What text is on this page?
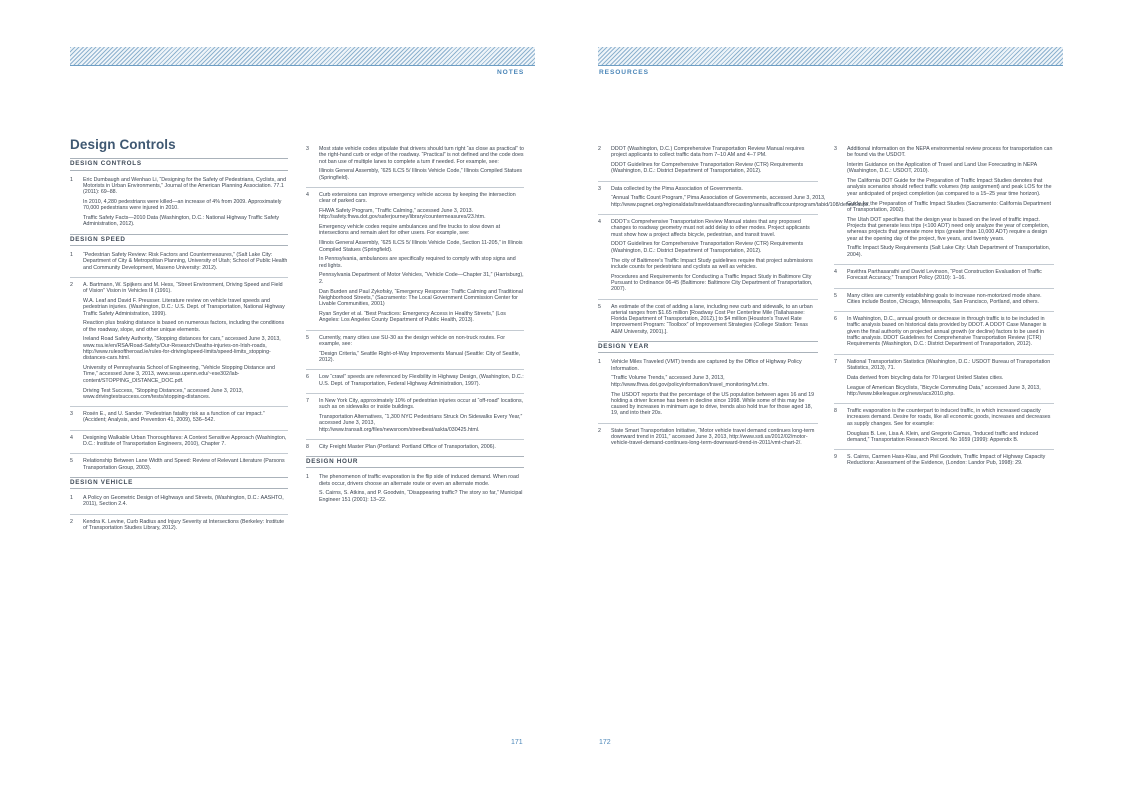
NOTES	RESOURCES
Design Controls
DESIGN CONTROLS
1	Eric Dumbaugh and Wenhao Li, “Designing for the Safety of Pedestrians, Cyclists, and Motorists in Urban Environments,” Journal of the American Planning Association. 77.1 (2011): 69–88.

In 2010, 4,280 pedestrians were killed—an increase of 4% from 2009. Approximately 70,000 pedestrians were injured in 2010.

Traffic Safety Facts—2010 Data (Washington, D.C.: National Highway Traffic Safety Administration, 2012).

DESIGN SPEED
1	“Pedestrian Safety Review: Risk Factors and Countermeasures,” (Salt Lake City: Department of City & Metropolitan Planning, University of Utah; School of Public Health and Community Development, Maseno University: 2012).

2	A. Bartmann, W. Spijkers and M. Hess, “Street Environment, Driving Speed and Field of Vision” Vision in Vehicles III (1991).

W.A. Leaf and David F. Preusser. Literature review on vehicle travel speeds and pedestrian injuries. (Washington, D.C.: U.S. Dept. of Transportation, National Highway Traffic Safety Administration, 1999).

Reaction plus braking distance is based on numerous factors, including the conditions of the roadway, slope, and other unique elements.

Ireland Road Safety Authority, “Stopping distances for cars,” accessed June 3, 2013, www.rsa.ie/en/RSA/Road-Safety/Our-Research/Deaths-injuries-on-Irish-roads, http://www.rulesoftheroad.ie/rules-for-driving/speed-limits/speed-limits_stopping-distances-cars.html.

University of Pennsylvania School of Engineering, “Vehicle Stopping Distance and Time,” accessed June 3, 2013, www.seas.upenn.edu/~ese302/lab-content/STOPPING_DISTANCE_DOC.pdf.

Driving Test Success, “Stopping Distances,” accessed June 3, 2013, www.drivingtestsuccess.com/tests/stopping-distances.

3	Rosén E., and U. Sander. “Pedestrian fatality risk as a function of car impact.” (Accident; Analysis, and Prevention 41, 2009), 536–542.

4	Designing Walkable Urban Thoroughfares: A Context Sensitive Approach (Washington, D.C.: Institute of Transportation Engineers, 2010), Chapter 7.

5	Relationship Between Lane Width and Speed: Review of Relevant Literature (Parsons Transportation Group, 2003).

DESIGN VEHICLE
1	A Policy on Geometric Design of Highways and Streets, (Washington, D.C.: AASHTO, 2011), Section 2.4.

2	Kendra K. Levine, Curb Radius and Injury Severity at Intersections (Berkeley: Institute of Transportation Studies Library, 2012).

3	Most state vehicle codes stipulate that drivers should turn right “as close as practical” to the right-hand curb or edge of the roadway. “Practical” is not defined and the code does not ban use of multiple lanes to complete a turn if needed. For example, see:

Illinois General Assembly, “625 ILCS 5/ Illinois Vehicle Code,” Illinois Compiled Statues (Springfield).

4	Curb extensions can improve emergency vehicle access by keeping the intersection clear of parked cars.

FHWA Safety Program, “Traffic Calming,” accessed June 3, 2013. http://safety.fhwa.dot.gov/saferjourney/library/countermeasures/23.htm.

Emergency vehicle codes require ambulances and fire trucks to slow down at intersections and remain alert for other users. For example, see:

Illinois General Assembly, “625 ILCS 5/ Illinois Vehicle Code, Section 11-205,” in Illinois Compiled Statues (Springfield).

In Pennsylvania, ambulances are specifically required to comply with stop signs and red lights.

Pennsylvania Department of Motor Vehicles, “Vehicle Code—Chapter 31,” (Harrisburg), 2.

Dan Burden and Paul Zykofsky, “Emergency Response: Traffic Calming and Traditional Neighborhood Streets,” (Sacramento: The Local Government Commission Center for Livable Communities, 2001)

Ryan Snyder et al. “Best Practices: Emergency Access in Healthy Streets,” (Los Angeles: Los Angeles County Department of Public Health, 2013).

5	Currently, many cities use SU-30 as the design vehicle on non-truck routes. For example, see:

“Design Criteria,” Seattle Right-of-Way Improvements Manual (Seattle: City of Seattle, 2012).

6	Low “crawl” speeds are referenced by Flexibility in Highway Design, (Washington, D.C.: U.S. Dept. of Transportation, Federal Highway Administration, 1997).

7	In New York City, approximately 10% of pedestrian injuries occur at “off-road” locations, such as on sidewalks or inside buildings.

Transportation Alternatives, “1,300 NYC Pedestrians Struck On Sidewalks Every Year,” accessed June 3, 2013, http://www.transalt.org/files/newsroom/streetbeat/askta/030425.html.

8	City Freight Master Plan (Portland: Portland Office of Transportation, 2006).

DESIGN HOUR
1	The phenomenon of traffic evaporation is the flip side of induced demand. When road diets occur, drivers choose an alternate route or even an alternate mode.

S. Cairns, S. Atkins, and P. Goodwin, “Disappearing traffic? The story so far,” Municipal Engineer 151 (2001): 13–22.

2	DDOT (Washington, D.C.) Comprehensive Transportation Review Manual requires project applicants to collect traffic data from 7–10 AM and 4–7 PM.

DDOT Guidelines for Comprehensive Transportation Review (CTR) Requirements (Washington, D.C.: District Department of Transportation, 2012).

3	Data collected by the Pima Association of Governments.

“Annual Traffic Count Program,” Pima Association of Governments, accessed June 3, 2013, http://www.pagnet.org/regionaldata/traveldataandforecasting/annualtrafficcountprogram/tabid/108/default.aspx.

4	DDOT’s Comprehensive Transportation Review Manual states that any proposed changes to roadway geometry must not add delay to other modes. Project applicants must show how a project affects bicycle, pedestrian, and transit travel.

DDOT Guidelines for Comprehensive Transportation Review (CTR) Requirements (Washington, D.C.: District Department of Transportation, 2012).

The city of Baltimore’s Traffic Impact Study guidelines require that project submissions include counts for pedestrians and cyclists as well as vehicles.

Procedures and Requirements for Conducting a Traffic Impact Study in Baltimore City Pursuant to Ordinance 06-45 (Baltimore: Baltimore City Department of Transportation, 2007).

5	An estimate of the cost of adding a lane, including new curb and sidewalk, to an urban arterial ranges from $1.65 million [Roadway Cost Per Centerline Mile (Tallahassee: Florida Department of Transportation, 2012).] to $4 million [Houston’s Travel Rate Improvement Program: “Toolbox” of Improvement Strategies (College Station: Texas A&M University, 2001).].

DESIGN YEAR
1	Vehicle Miles Traveled (VMT) trends are captured by the Office of Highway Policy Information.

“Traffic Volume Trends,” accessed June 3, 2013, http://www.fhwa.dot.gov/policyinformation/travel_monitoring/tvt.cfm.

The USDOT reports that the percentage of the US population between ages 16 and 19 holding a driver license has been in decline since 1998. While some of this may be caused by increases in minimum age to drive, trends also hold true for those aged 18, 19, and into their 20s.

2	State Smart Transportation Initiative, “Motor vehicle travel demand continues long-term downward trend in 2011,” accessed June 3, 2013, http://www.ssti.us/2012/02/motor-vehicle-travel-demand-continues-long-term-downward-trend-in-2011/vmt-chart-2/.

3	Additional information on the NEPA environmental review process for transportation can be found via the USDOT.

Interim Guidance on the Application of Travel and Land Use Forecasting in NEPA (Washington, D.C.: USDOT, 2010).

The California DOT Guide for the Preparation of Traffic Impact Studies denotes that analysis scenarios should reflect traffic volumes (trip assignment) and peak LOS for the year anticipated of project completion (as compared to a 15–25 year time horizon).

Guide for the Preparation of Traffic Impact Studies (Sacramento: California Department of Transportation, 2002).

The Utah DOT specifies that the design year is based on the level of traffic impact. Projects that generate less trips (<100 ADT) need only analyze the year of completion, whereas projects that generate more trips (greater than 10,000 ADT) require a design year at the opening day of the project, five years, and twenty years.

Traffic Impact Study Requirements (Salt Lake City: Utah Department of Transportation, 2004).

4	Pavithra Parthasarathi and David Levinson, “Post Construction Evaluation of Traffic Forecast Accuracy,” Transport Policy (2010): 1–16.

5	Many cities are currently establishing goals to increase non-motorized mode share. Cities include Boston, Chicago, Minneapolis, San Francisco, Portland, and others.

6	In Washington, D.C., annual growth or decrease in through traffic is to be included in traffic analysis based on historical data provided by DDOT. A DDOT Case Manager is given the final authority on projected annual growth (or decline) factors to be used in traffic analysis. DDOT Guidelines for Comprehensive Transportation Review (CTR) Requirements (Washington, D.C.: District Department of Transportation, 2012).

7	National Transportation Statistics (Washington, D.C.: USDOT Bureau of Transportation Statistics, 2013), 71.

Data derived from bicycling data for 70 largest United States cities.

League of American Bicyclists, “Bicycle Commuting Data,” accessed June 3, 2013, http://www.bikeleague.org/news/acs2010.php.

8	Traffic evaporation is the counterpart to induced traffic, in which increased capacity increases demand. Desire for roads, like all economic goods, increases and decreases as supply changes. See for example:

Douglass B. Lee, Lisa A. Klein, and Gregorio Camus, “Induced traffic and induced demand,” Transportation Research Record. No 1659 (1999): Appendix B.

9	S. Cairns, Carmen Hass-Klau, and Phil Goodwin, Traffic Impact of Highway Capacity Reductions: Assessment of the Evidence, (London: Landor Pub, 1998): 29.

171	172
